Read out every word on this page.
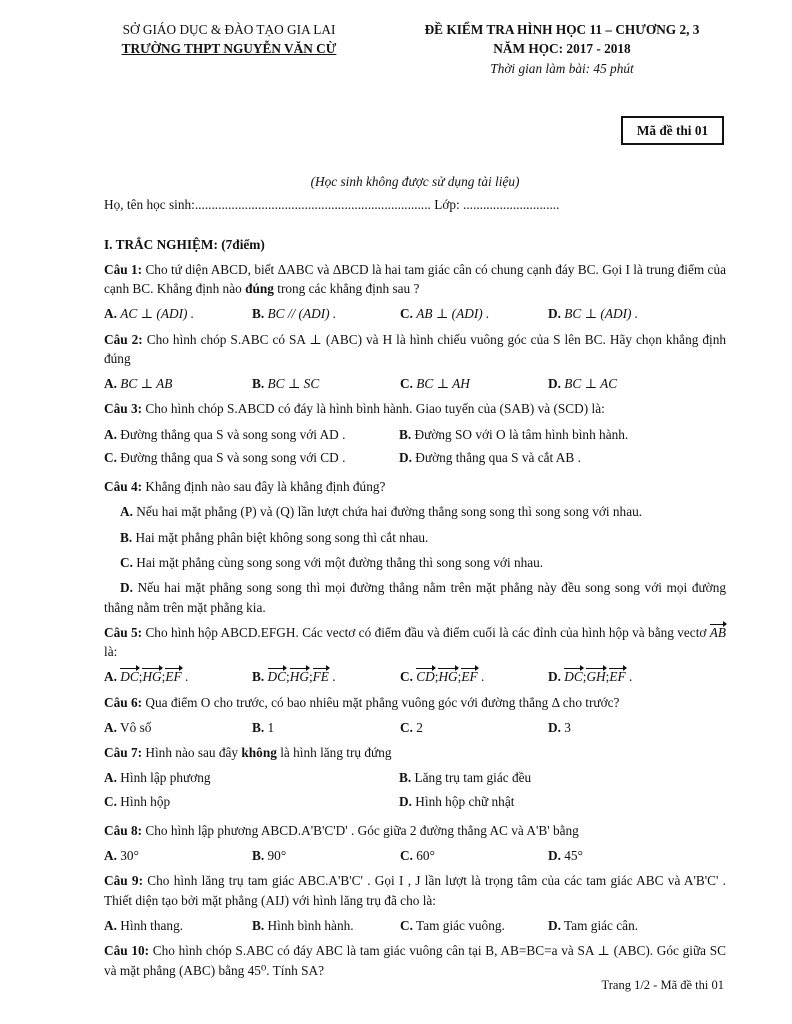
SỞ GIÁO DỤC & ĐÀO TẠO GIA LAI
TRƯỜNG THPT NGUYỄN VĂN CỪ
ĐỀ KIỂM TRA HÌNH HỌC 11 – CHƯƠNG 2, 3
NĂM HỌC: 2017 - 2018
Thời gian làm bài: 45 phút
Mã đề thi 01
(Học sinh không được sử dụng tài liệu)
Họ, tên học sinh:....................................................................... Lớp: .............................
I. TRẮC NGHIỆM: (7điểm)
Câu 1: Cho tứ diện ABCD, biết ΔABC và ΔBCD là hai tam giác cân có chung cạnh đáy BC. Gọi I là trung điểm của cạnh BC. Khẳng định nào đúng trong các khẳng định sau ?
A. AC ⊥ (ADI) .	B. BC // (ADI) .	C. AB ⊥ (ADI) .	D. BC ⊥ (ADI) .
Câu 2: Cho hình chóp S.ABC có SA ⊥ (ABC) và H là hình chiếu vuông góc của S lên BC. Hãy chọn khẳng định đúng
A. BC ⊥ AB	B. BC ⊥ SC	C. BC ⊥ AH	D. BC ⊥ AC
Câu 3: Cho hình chóp S.ABCD có đáy là hình bình hành. Giao tuyến của (SAB) và (SCD) là:
A. Đường thẳng qua S và song song với AD .	B. Đường SO với O là tâm hình bình hành.
C. Đường thẳng qua S và song song với CD .	D. Đường thẳng qua S và cắt AB .
Câu 4: Khẳng định nào sau đây là khẳng định đúng?
A. Nếu hai mặt phẳng (P) và (Q) lần lượt chứa hai đường thẳng song song thì song song với nhau.
B. Hai mặt phẳng phân biệt không song song thì cắt nhau.
C. Hai mặt phẳng cùng song song với một đường thẳng thì song song với nhau.
D. Nếu hai mặt phẳng song song thì mọi đường thẳng nằm trên mặt phẳng này đều song song với mọi đường thẳng nằm trên mặt phẳng kia.
Câu 5: Cho hình hộp ABCD.EFGH. Các vectơ có điểm đầu và điểm cuối là các đỉnh của hình hộp và bằng vectơ AB là:
A. DC;HG;EF .	B. DC;HG;FE .	C. CD;HG;EF .	D. DC;GH;EF .
Câu 6: Qua điểm O cho trước, có bao nhiêu mặt phẳng vuông góc với đường thẳng Δ cho trước?
A. Vô số	B. 1	C. 2	D. 3
Câu 7: Hình nào sau đây không là hình lăng trụ đứng
A. Hình lập phương	B. Lăng trụ tam giác đều
C. Hình hộp	D. Hình hộp chữ nhật
Câu 8: Cho hình lập phương ABCD.A'B'C'D' . Góc giữa 2 đường thẳng AC và A'B' bằng
A. 30°	B. 90°	C. 60°	D. 45°
Câu 9: Cho hình lăng trụ tam giác ABC.A'B'C' . Gọi I , J lần lượt là trọng tâm của các tam giác ABC và A'B'C' . Thiết diện tạo bởi mặt phẳng (AIJ) với hình lăng trụ đã cho là:
A. Hình thang.	B. Hình bình hành.	C. Tam giác vuông.	D. Tam giác cân.
Câu 10: Cho hình chóp S.ABC có đáy ABC là tam giác vuông cân tại B, AB=BC=a và SA ⊥ (ABC). Góc giữa SC và mặt phẳng (ABC) bằng 45⁰. Tính SA?
Trang 1/2 - Mã đề thi 01
